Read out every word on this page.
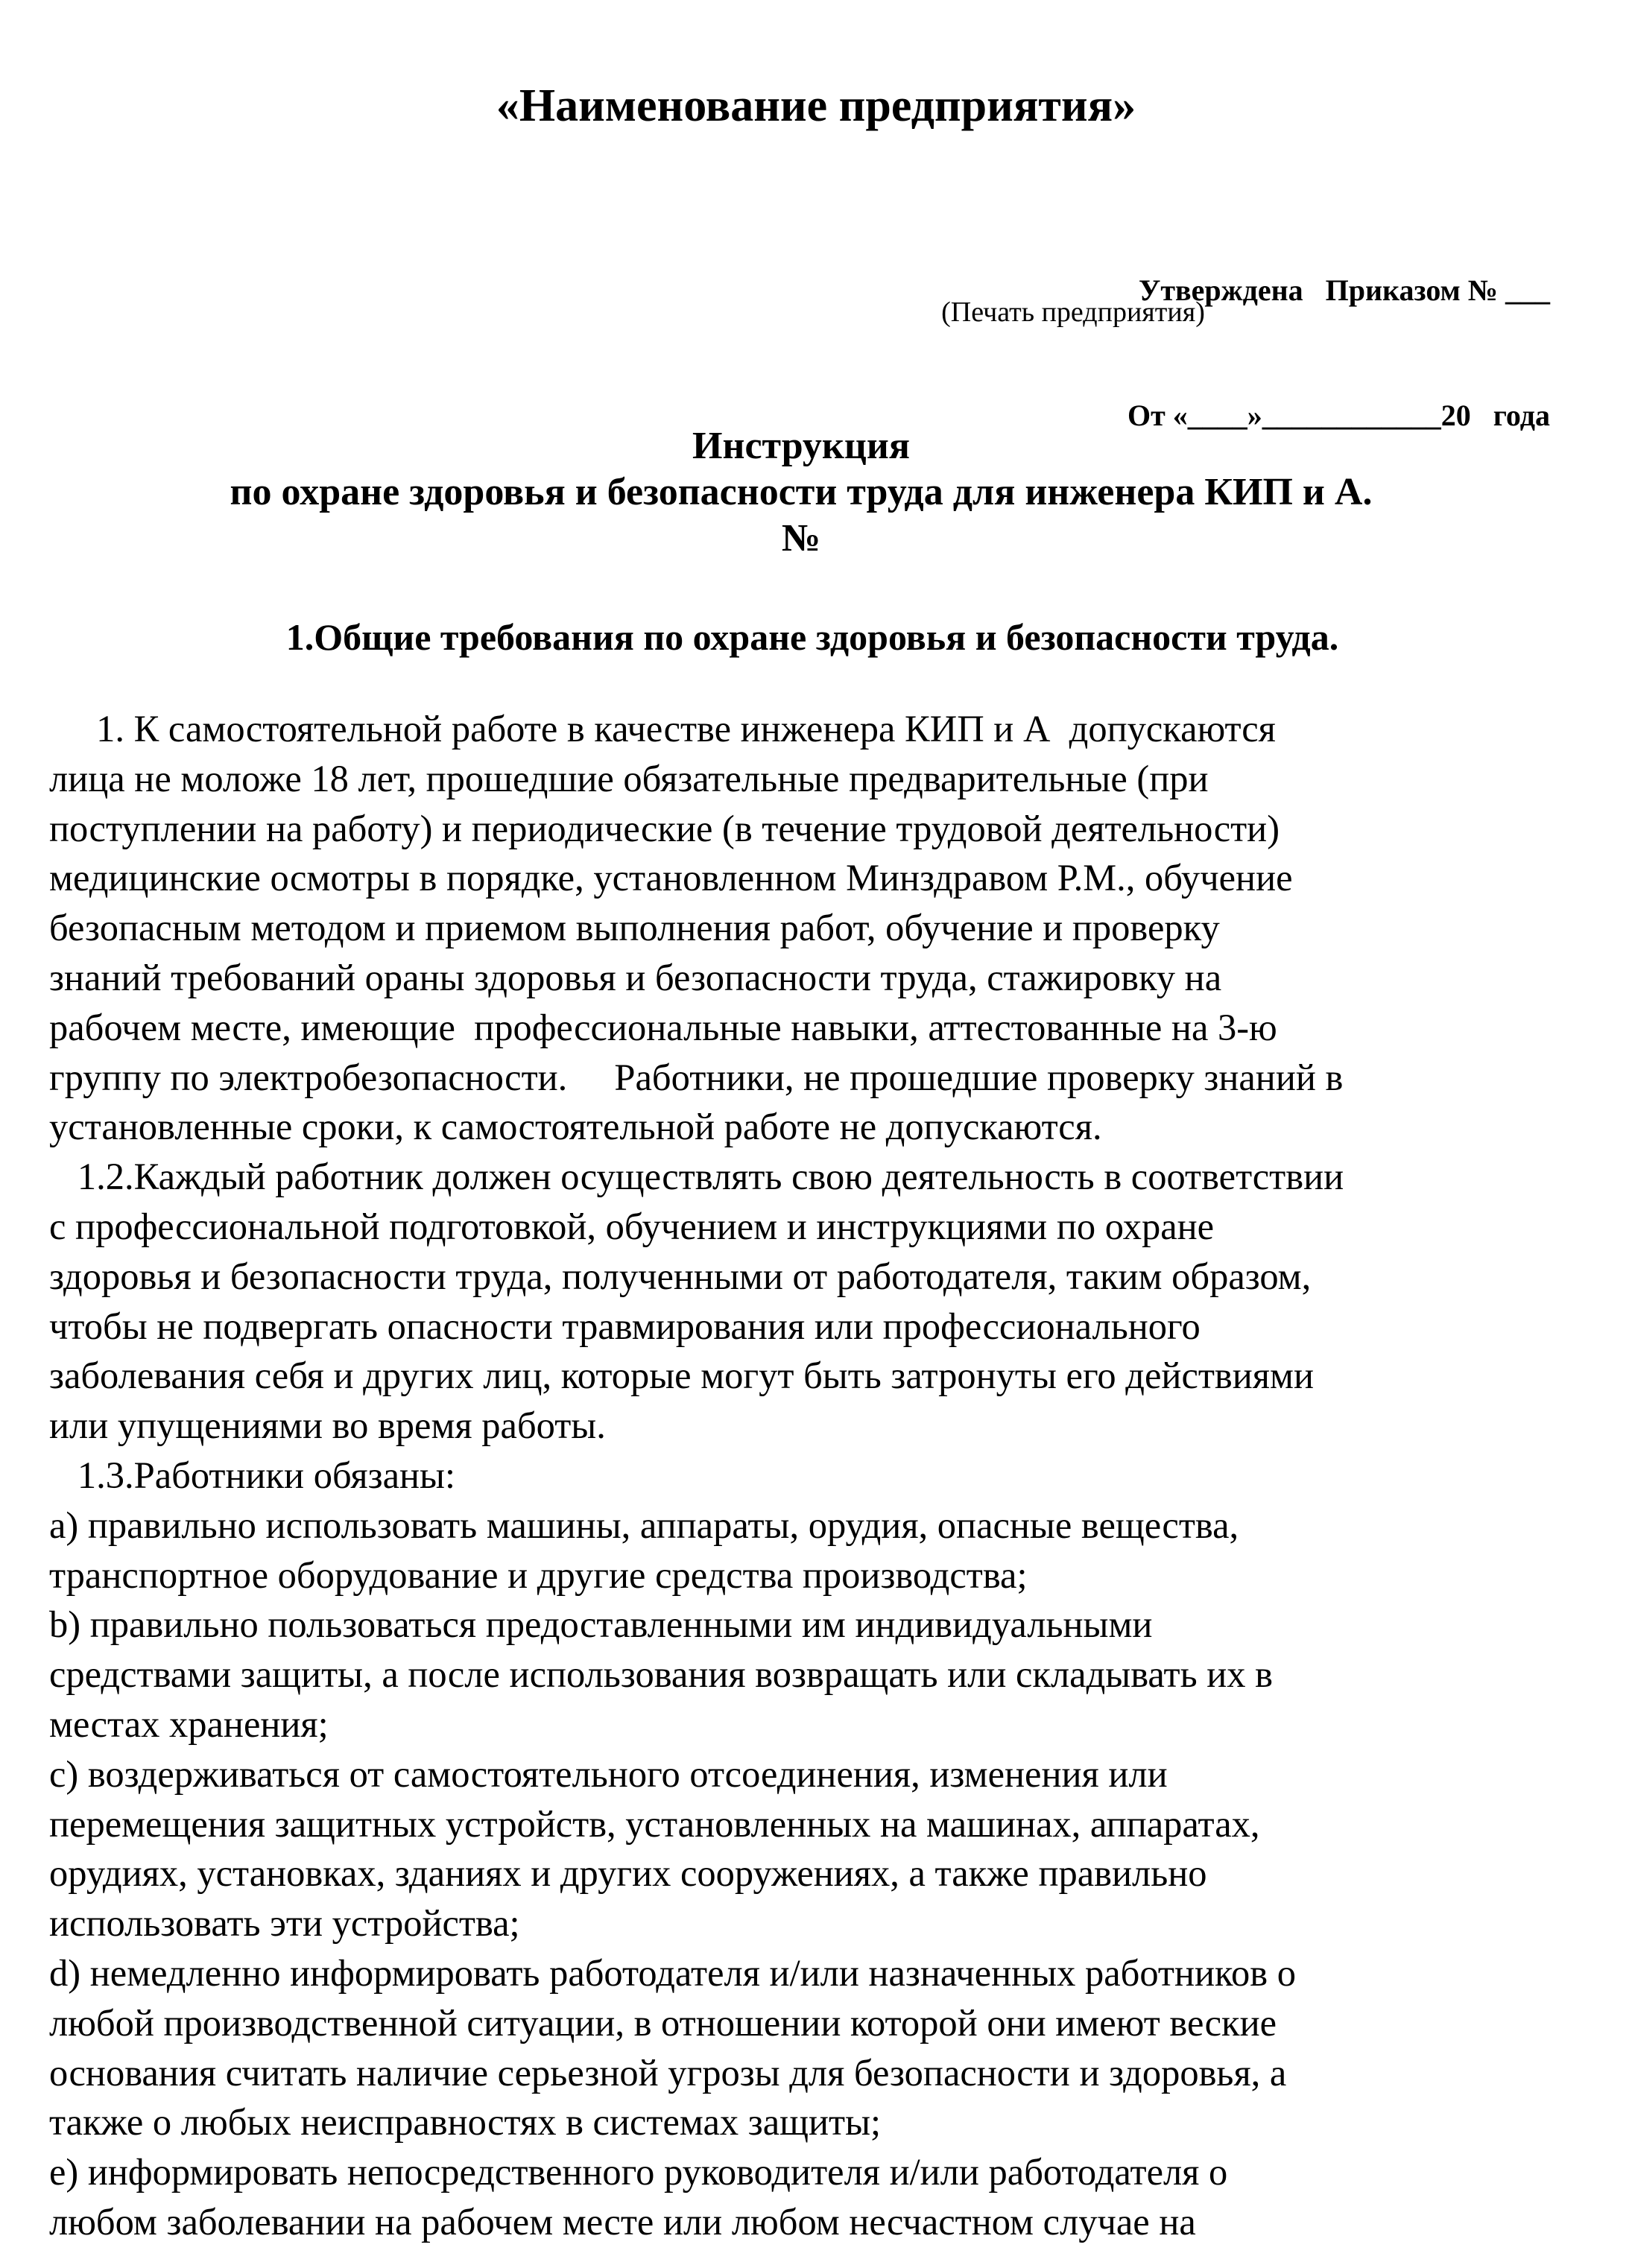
«Наименование предприятия»

Утверждена   Приказом № ___

От «____»____________20   года

(Печать предприятия)
Инструкция
по охране здоровья и безопасности труда для инженера КИП и А.
№
1.Общие требования по охране здоровья и безопасности труда.
1. К самостоятельной работе в качестве инженера КИП и А  допускаются
лица не моложе 18 лет, прошедшие обязательные предварительные (при
поступлении на работу) и периодические (в течение трудовой деятельности)
медицинские осмотры в порядке, установленном Минздравом Р.М., обучение
безопасным методом и приемом выполнения работ, обучение и проверку
знаний требований ораны здоровья и безопасности труда, стажировку на
рабочем месте, имеющие  профессиональные навыки, аттестованные на 3-ю
группу по электробезопасности.     Работники, не прошедшие проверку знаний в
установленные сроки, к самостоятельной работе не допускаются.
1.2.Каждый работник должен осуществлять свою деятельность в соответствии
с профессиональной подготовкой, обучением и инструкциями по охране
здоровья и безопасности труда, полученными от работодателя, таким образом,
чтобы не подвергать опасности травмирования или профессионального
заболевания себя и других лиц, которые могут быть затронуты его действиями
или упущениями во время работы.
1.3.Работники обязаны:
a) правильно использовать машины, аппараты, орудия, опасные вещества,
транспортное оборудование и другие средства производства;
b) правильно пользоваться предоставленными им индивидуальными
средствами защиты, а после использования возвращать или складывать их в
местах хранения;
c) воздерживаться от самостоятельного отсоединения, изменения или
перемещения защитных устройств, установленных на машинах, аппаратах,
орудиях, установках, зданиях и других сооружениях, а также правильно
использовать эти устройства;
d) немедленно информировать работодателя и/или назначенных работников о
любой производственной ситуации, в отношении которой они имеют веские
основания считать наличие серьезной угрозы для безопасности и здоровья, а
также о любых неисправностях в системах защиты;
e) информировать непосредственного руководителя и/или работодателя о
любом заболевании на рабочем месте или любом несчастном случае на
